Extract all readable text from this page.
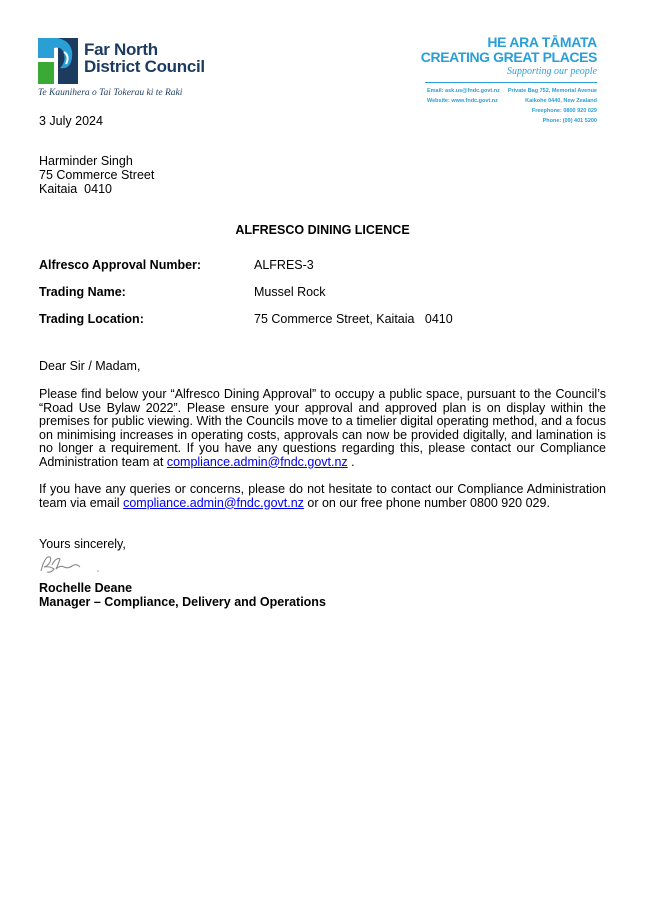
Far North
District Council
Te Kaunihera o Tai Tokerau ki te Raki
HE ARA TĀMATA
CREATING GREAT PLACES
Supporting our people
Email: ask.us@fndc.govt.nz
Website: www.fndc.govt.nz
Private Bag 752, Memorial Avenue
Kaikohe 0440, New Zealand
Freephone: 0800 920 029
Phone: (09) 401 5200
3 July 2024
Harminder Singh
75 Commerce Street
Kaitaia  0410
ALFRESCO DINING LICENCE
Alfresco Approval Number:	ALFRES-3
Trading Name:	Mussel Rock
Trading Location:	75 Commerce Street, Kaitaia   0410
Dear Sir / Madam,
Please find below your “Alfresco Dining Approval” to occupy a public space, pursuant to the Council’s “Road Use Bylaw 2022”. Please ensure your approval and approved plan is on display within the premises for public viewing. With the Councils move to a timelier digital operating method, and a focus on minimising increases in operating costs, approvals can now be provided digitally, and lamination is no longer a requirement. If you have any questions regarding this, please contact our Compliance Administration team at compliance.admin@fndc.govt.nz .
If you have any queries or concerns, please do not hesitate to contact our Compliance Administration team via email compliance.admin@fndc.govt.nz or on our free phone number 0800 920 029.
Yours sincerely,
Rochelle Deane
Manager – Compliance, Delivery and Operations
